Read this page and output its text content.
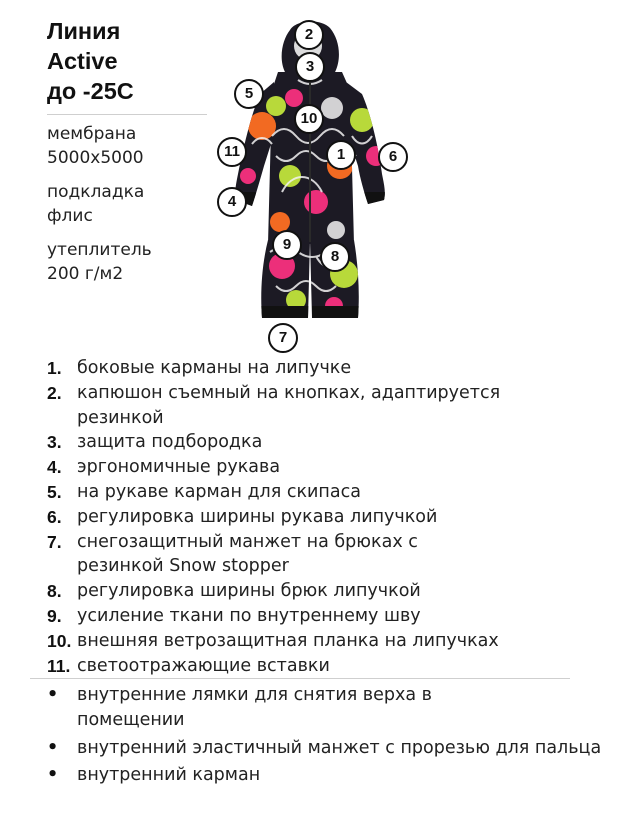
Линия
Active
до -25С
мембрана
5000х5000
подкладка
флис
утеплитель
200 г/м2
2
3
5
10
11	1	6
4
9
8
7
1. боковые карманы на липучке
2. капюшон съемный на кнопках, адаптируется резинкой
3. защита подбородка
4. эргономичные рукава
5. на рукаве карман для скипаса
6. регулировка ширины рукава липучкой
7. снегозащитный манжет на брюках с резинкой Snow stopper
8. регулировка ширины брюк липучкой
9. усиление ткани по внутреннему шву
10. внешняя ветрозащитная планка на липучках
11. светоотражающие вставки
•	внутренние лямки для снятия верха в помещении
•	внутренний эластичный манжет с прорезью для пальца
•	внутренний карман
